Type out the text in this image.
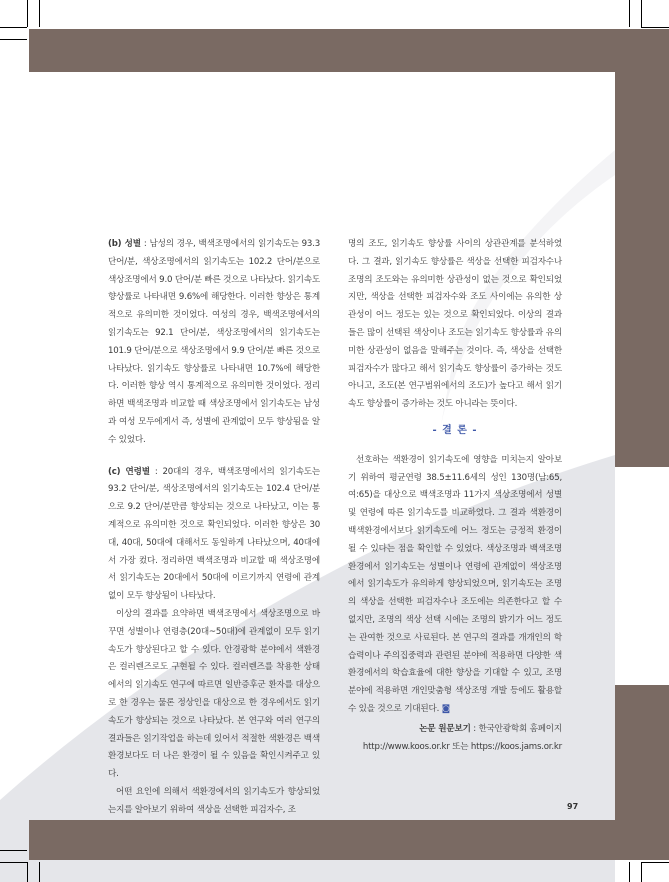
(b) 성별 : 남성의 경우, 백색조명에서의 읽기속도는 93.3 단어/분, 색상조명에서의 읽기속도는 102.2 단어/분으로 색상조명에서 9.0 단어/분 빠른 것으로 나타났다. 읽기속도 향상률로 나타내면 9.6%에 해당한다. 이러한 향상은 통계적으로 유의미한 것이었다. 여성의 경우, 백색조명에서의 읽기속도는 92.1 단어/분, 색상조명에서의 읽기속도는 101.9 단어/분으로 색상조명에서 9.9 단어/분 빠른 것으로 나타났다. 읽기속도 향상률로 나타내면 10.7%에 해당한다. 이러한 향상 역시 통계적으로 유의미한 것이었다. 정리하면 백색조명과 비교할 때 색상조명에서 읽기속도는 남성과 여성 모두에게서 즉, 성별에 관계없이 모두 향상됨을 알 수 있었다.

(c) 연령별 : 20대의 경우, 백색조명에서의 읽기속도는 93.2 단어/분, 색상조명에서의 읽기속도는 102.4 단어/분으로 9.2 단어/분만큼 향상되는 것으로 나타났고, 이는 통계적으로 유의미한 것으로 확인되었다. 이러한 향상은 30대, 40대, 50대에 대해서도 동일하게 나타났으며, 40대에서 가장 컸다. 정리하면 백색조명과 비교할 때 색상조명에서 읽기속도는 20대에서 50대에 이르기까지 연령에 관계없이 모두 향상됨이 나타났다.

이상의 결과를 요약하면 백색조명에서 색상조명으로 바꾸면 성별이나 연령층(20대~50대)에 관계없이 모두 읽기속도가 향상된다고 할 수 있다. 안경광학 분야에서 색환경은 컬러렌즈로도 구현될 수 있다. 컬러렌즈를 착용한 상태에서의 읽기속도 연구에 따르면 일반증후군 환자를 대상으로 한 경우는 물론 정상인을 대상으로 한 경우에서도 읽기속도가 향상되는 것으로 나타났다. 본 연구와 여러 연구의 결과들은 읽기작업을 하는데 있어서 적절한 색환경은 백색환경보다도 더 나은 환경이 될 수 있음을 확인시켜주고 있다.

어떤 요인에 의해서 색환경에서의 읽기속도가 향상되었는지를 알아보기 위하여 색상을 선택한 피검자수, 조

명의 조도, 읽기속도 향상률 사이의 상관관계를 분석하였다. 그 결과, 읽기속도 향상률은 색상을 선택한 피검자수나 조명의 조도와는 유의미한 상관성이 없는 것으로 확인되었지만, 색상을 선택한 피검자수와 조도 사이에는 유의한 상관성이 어느 정도는 있는 것으로 확인되었다. 이상의 결과들은 많이 선택된 색상이나 조도는 읽기속도 향상률과 유의미한 상관성이 없음을 말해주는 것이다. 즉, 색상을 선택한 피검자수가 많다고 해서 읽기속도 향상률이 증가하는 것도 아니고, 조도(본 연구범위에서의 조도)가 높다고 해서 읽기속도 향상률이 증가하는 것도 아니라는 뜻이다.

- 결 론 -

선호하는 색환경이 읽기속도에 영향을 미치는지 알아보기 위하여 평균연령 38.5±11.6세의 성인 130명(남:65, 여:65)을 대상으로 백색조명과 11가지 색상조명에서 성별 및 연령에 따른 읽기속도를 비교하였다. 그 결과 색환경이 백색환경에서보다 읽기속도에 어느 정도는 긍정적 환경이 될 수 있다는 점을 확인할 수 있었다. 색상조명과 백색조명 환경에서 읽기속도는 성별이나 연령에 관계없이 색상조명에서 읽기속도가 유의하게 향상되었으며, 읽기속도는 조명의 색상을 선택한 피검자수나 조도에는 의존한다고 할 수 없지만, 조명의 색상 선택 시에는 조명의 밝기가 어느 정도는 관여한 것으로 사료된다. 본 연구의 결과를 개개인의 학습력이나 주의집중력과 관련된 분야에 적용하면 다양한 색환경에서의 학습효율에 대한 향상을 기대할 수 있고, 조명분야에 적용하면 개인맞춤형 색상조명 개발 등에도 활용할 수 있을 것으로 기대된다. ◙

논문 원문보기 : 한국안광학회 홈페이지

http://www.koos.or.kr 또는 https://koos.jams.or.kr

97
